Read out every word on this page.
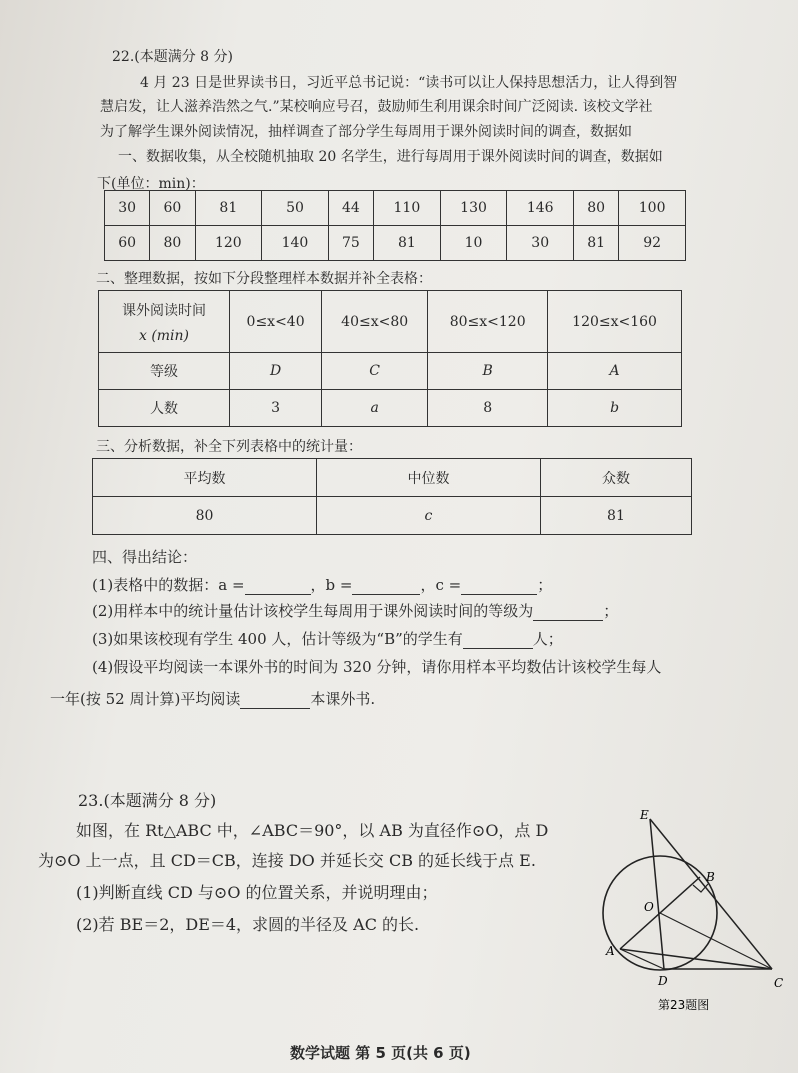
22.(本题满分 8 分)
4 月 23 日是世界读书日，习近平总书记说：“读书可以让人保持思想活力，让人得到智
慧启发，让人滋养浩然之气.”某校响应号召，鼓励师生利用课余时间广泛阅读. 该校文学社
为了解学生课外阅读情况，抽样调查了部分学生每周用于课外阅读时间的调查，数据如
一、数据收集，从全校随机抽取 20 名学生，进行每周用于课外阅读时间的调查，数据如
下(单位：min)：
30	60	81	50	44	110	130	146	80	100
60	80	120	140	75	81	10	30	81	92
二、整理数据，按如下分段整理样本数据并补全表格：
课外阅读时间
x (min)	0≤x<40	40≤x<80	80≤x<120	120≤x<160
等级	D	C	B	A
人数	3	a	8	b
三、分析数据，补全下列表格中的统计量：
平均数	中位数	众数
80	c	81
四、得出结论：
(1)表格中的数据：a =	，b =	，c =	；
(2)用样本中的统计量估计该校学生每周用于课外阅读时间的等级为	；
(3)如果该校现有学生 400 人，估计等级为“B”的学生有	人；
(4)假设平均阅读一本课外书的时间为 320 分钟，请你用样本平均数估计该校学生每人
一年(按 52 周计算)平均阅读	本课外书.
23.(本题满分 8 分)
如图，在 Rt△ABC 中，∠ABC＝90°，以 AB 为直径作⊙O，点 D
为⊙O 上一点，且 CD＝CB，连接 DO 并延长交 CB 的延长线于点 E.
(1)判断直线 CD 与⊙O 的位置关系，并说明理由；
(2)若 BE＝2，DE＝4，求圆的半径及 AC 的长.
E
B
O
A
D	C
第23题图
数学试题 第 5 页(共 6 页)
